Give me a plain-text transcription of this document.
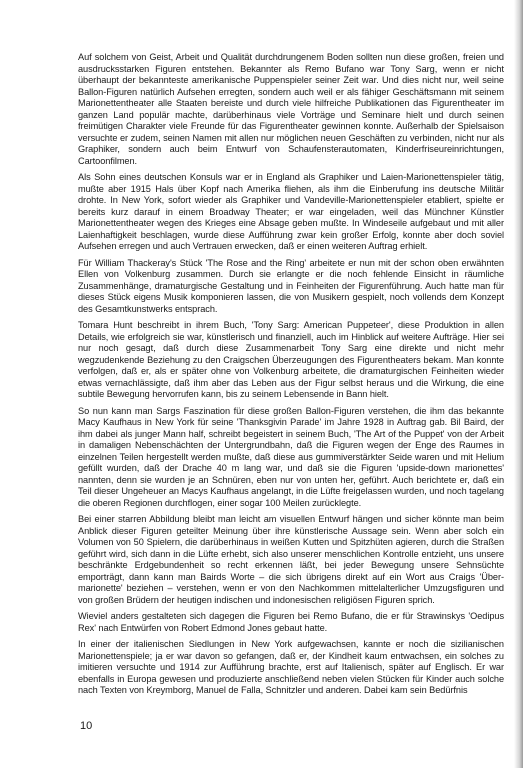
Auf solchem von Geist, Arbeit und Qualität durchdrungenem Boden sollten nun diese großen, freien und ausdrucksstarken Figuren entstehen. Bekannter als Remo Bufano war Tony Sarg, wenn er nicht überhaupt der bekannteste amerikanische Puppenspieler seiner Zeit war. Und dies nicht nur, weil seine Ballon-Figuren natürlich Aufsehen erregten, sondern auch weil er als fähiger Geschäftsmann mit seinem Marionettentheater alle Staaten bereiste und durch viele hilfreiche Publikationen das Figurentheater im ganzen Land populär machte, darüberhinaus viele Vorträge und Seminare hielt und durch seinen freimütigen Charakter viele Freunde für das Figurentheater gewinnen konnte. Außerhalb der Spielsaison versuchte er zudem, seinen Namen mit allen nur möglichen neuen Geschäften zu verbinden, nicht nur als Graphiker, sondern auch beim Entwurf von Schaufensterautomaten, Kinderfriseureinrichtungen, Cartoonfilmen.

Als Sohn eines deutschen Konsuls war er in England als Graphiker und Laien-Marionettenspieler tätig, mußte aber 1915 Hals über Kopf nach Amerika fliehen, als ihm die Einberufung ins deutsche Militär drohte. In New York, sofort wieder als Graphiker und Vandeville-Marionettenspieler etabliert, spielte er bereits kurz darauf in einem Broadway Theater; er war eingeladen, weil das Münchner Künstler Marionettentheater wegen des Krieges eine Absage geben mußte. In Windeseile aufgebaut und mit aller Laienhaftigkeit beschlagen, wurde diese Aufführung zwar kein großer Erfolg, konnte aber doch soviel Aufsehen erregen und auch Vertrauen erwecken, daß er einen weiteren Auftrag erhielt.

Für William Thackeray's Stück 'The Rose and the Ring' arbeitete er nun mit der schon oben erwähnten Ellen von Volkenburg zusammen. Durch sie erlangte er die noch fehlende Einsicht in räumliche Zusammenhänge, dramaturgische Gestaltung und in Feinheiten der Figurenführung. Auch hatte man für dieses Stück eigens Musik komponieren lassen, die von Musikern gespielt, noch vollends dem Konzept des Gesamtkunstwerks entsprach.

Tomara Hunt beschreibt in ihrem Buch, 'Tony Sarg: American Puppeteer', diese Produktion in allen Details, wie erfolgreich sie war, künstlerisch und finanziell, auch im Hinblick auf weitere Aufträge. Hier sei nur noch gesagt, daß durch diese Zusammenarbeit Tony Sarg eine direkte und nicht mehr wegzudenkende Beziehung zu den Craigschen Überzeugungen des Figurentheaters bekam. Man konnte verfolgen, daß er, als er später ohne von Volkenburg arbeitete, die dramaturgischen Feinheiten wieder etwas vernachlässigte, daß ihm aber das Leben aus der Figur selbst heraus und die Wirkung, die eine subtile Bewegung hervorrufen kann, bis zu seinem Lebensende in Bann hielt.

So nun kann man Sargs Faszination für diese großen Ballon-Figuren verstehen, die ihm das bekannte Macy Kaufhaus in New York für seine 'Thanksgivin Parade' im Jahre 1928 in Auftrag gab. Bil Baird, der ihm dabei als junger Mann half, schreibt begeistert in seinem Buch, 'The Art of the Puppet' von der Arbeit in damaligen Nebenschächten der Untergrundbahn, daß die Figuren wegen der Enge des Raumes in einzelnen Teilen hergestellt werden mußte, daß diese aus gummiverstärkter Seide waren und mit Helium gefüllt wurden, daß der Drache 40 m lang war, und daß sie die Figuren 'upside-down marionettes' nannten, denn sie wurden je an Schnüren, eben nur von unten her, geführt. Auch berichtete er, daß ein Teil dieser Ungeheuer an Macys Kaufhaus angelangt, in die Lüfte freigelassen wurden, und noch tagelang die oberen Regionen durchflogen, einer sogar 100 Meilen zurücklegte.

Bei einer starren Abbildung bleibt man leicht am visuellen Entwurf hängen und sicher könnte man beim Anblick dieser Figuren geteilter Meinung über ihre künstlerische Aussage sein. Wenn aber solch ein Volumen von 50 Spielern, die darüberhinaus in weißen Kutten und Spitzhüten agieren, durch die Straßen geführt wird, sich dann in die Lüfte erhebt, sich also unserer menschlichen Kontrolle entzieht, uns unsere beschränkte Erdgebundenheit so recht erkennen läßt, bei jeder Bewegung unsere Sehnsüchte emporträgt, dann kann man Bairds Worte – die sich übrigens direkt auf ein Wort aus Craigs 'Über-marionette' beziehen – verstehen, wenn er von den Nachkommen mittelalterlicher Umzugsfiguren und von großen Brüdern der heutigen indischen und indonesischen religiösen Figuren sprich.

Wieviel anders gestalteten sich dagegen die Figuren bei Remo Bufano, die er für Strawinskys 'Oedipus Rex' nach Entwürfen von Robert Edmond Jones gebaut hatte.

In einer der italienischen Siedlungen in New York aufgewachsen, kannte er noch die sizilianischen Marionettenspiele; ja er war davon so gefangen, daß er, der Kindheit kaum entwachsen, ein solches zu imitieren versuchte und 1914 zur Aufführung brachte, erst auf Italienisch, später auf Englisch. Er war ebenfalls in Europa gewesen und produzierte anschließend neben vielen Stücken für Kinder auch solche nach Texten von Kreymborg, Manuel de Falla, Schnitzler und anderen. Dabei kam sein Bedürfnis

10
